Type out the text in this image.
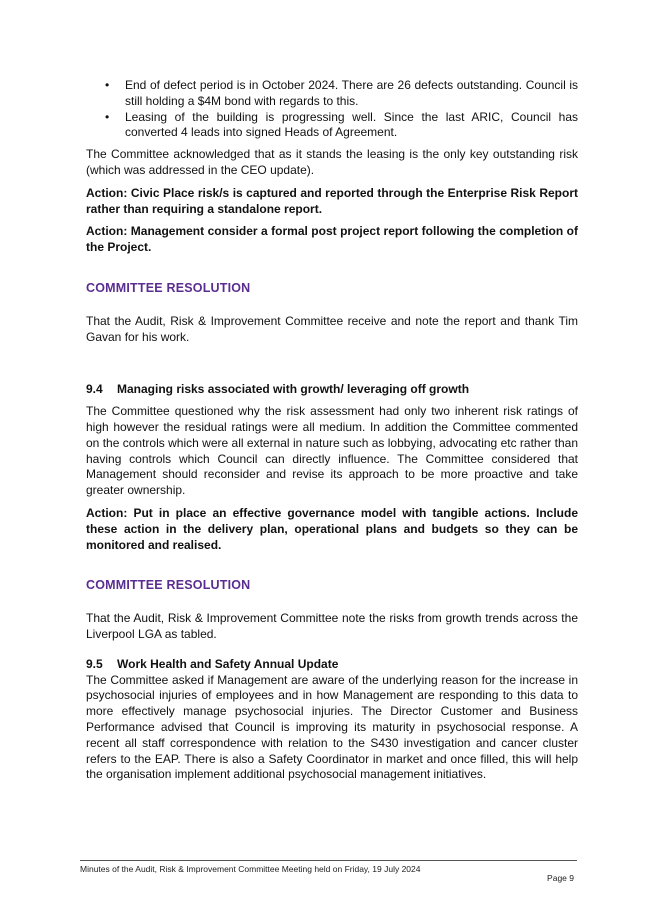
• End of defect period is in October 2024. There are 26 defects outstanding. Council is still holding a $4M bond with regards to this.
• Leasing of the building is progressing well. Since the last ARIC, Council has converted 4 leads into signed Heads of Agreement.

The Committee acknowledged that as it stands the leasing is the only key outstanding risk (which was addressed in the CEO update).

Action: Civic Place risk/s is captured and reported through the Enterprise Risk Report rather than requiring a standalone report.

Action: Management consider a formal post project report following the completion of the Project.

COMMITTEE RESOLUTION

That the Audit, Risk & Improvement Committee receive and note the report and thank Tim Gavan for his work.

9.4 Managing risks associated with growth/ leveraging off growth

The Committee questioned why the risk assessment had only two inherent risk ratings of high however the residual ratings were all medium. In addition the Committee commented on the controls which were all external in nature such as lobbying, advocating etc rather than having controls which Council can directly influence. The Committee considered that Management should reconsider and revise its approach to be more proactive and take greater ownership.

Action: Put in place an effective governance model with tangible actions. Include these action in the delivery plan, operational plans and budgets so they can be monitored and realised.

COMMITTEE RESOLUTION

That the Audit, Risk & Improvement Committee note the risks from growth trends across the Liverpool LGA as tabled.

9.5 Work Health and Safety Annual Update

The Committee asked if Management are aware of the underlying reason for the increase in psychosocial injuries of employees and in how Management are responding to this data to more effectively manage psychosocial injuries. The Director Customer and Business Performance advised that Council is improving its maturity in psychosocial response. A recent all staff correspondence with relation to the S430 investigation and cancer cluster refers to the EAP. There is also a Safety Coordinator in market and once filled, this will help the organisation implement additional psychosocial management initiatives.

Minutes of the Audit, Risk & Improvement Committee Meeting held on Friday, 19 July 2024
Page 9
